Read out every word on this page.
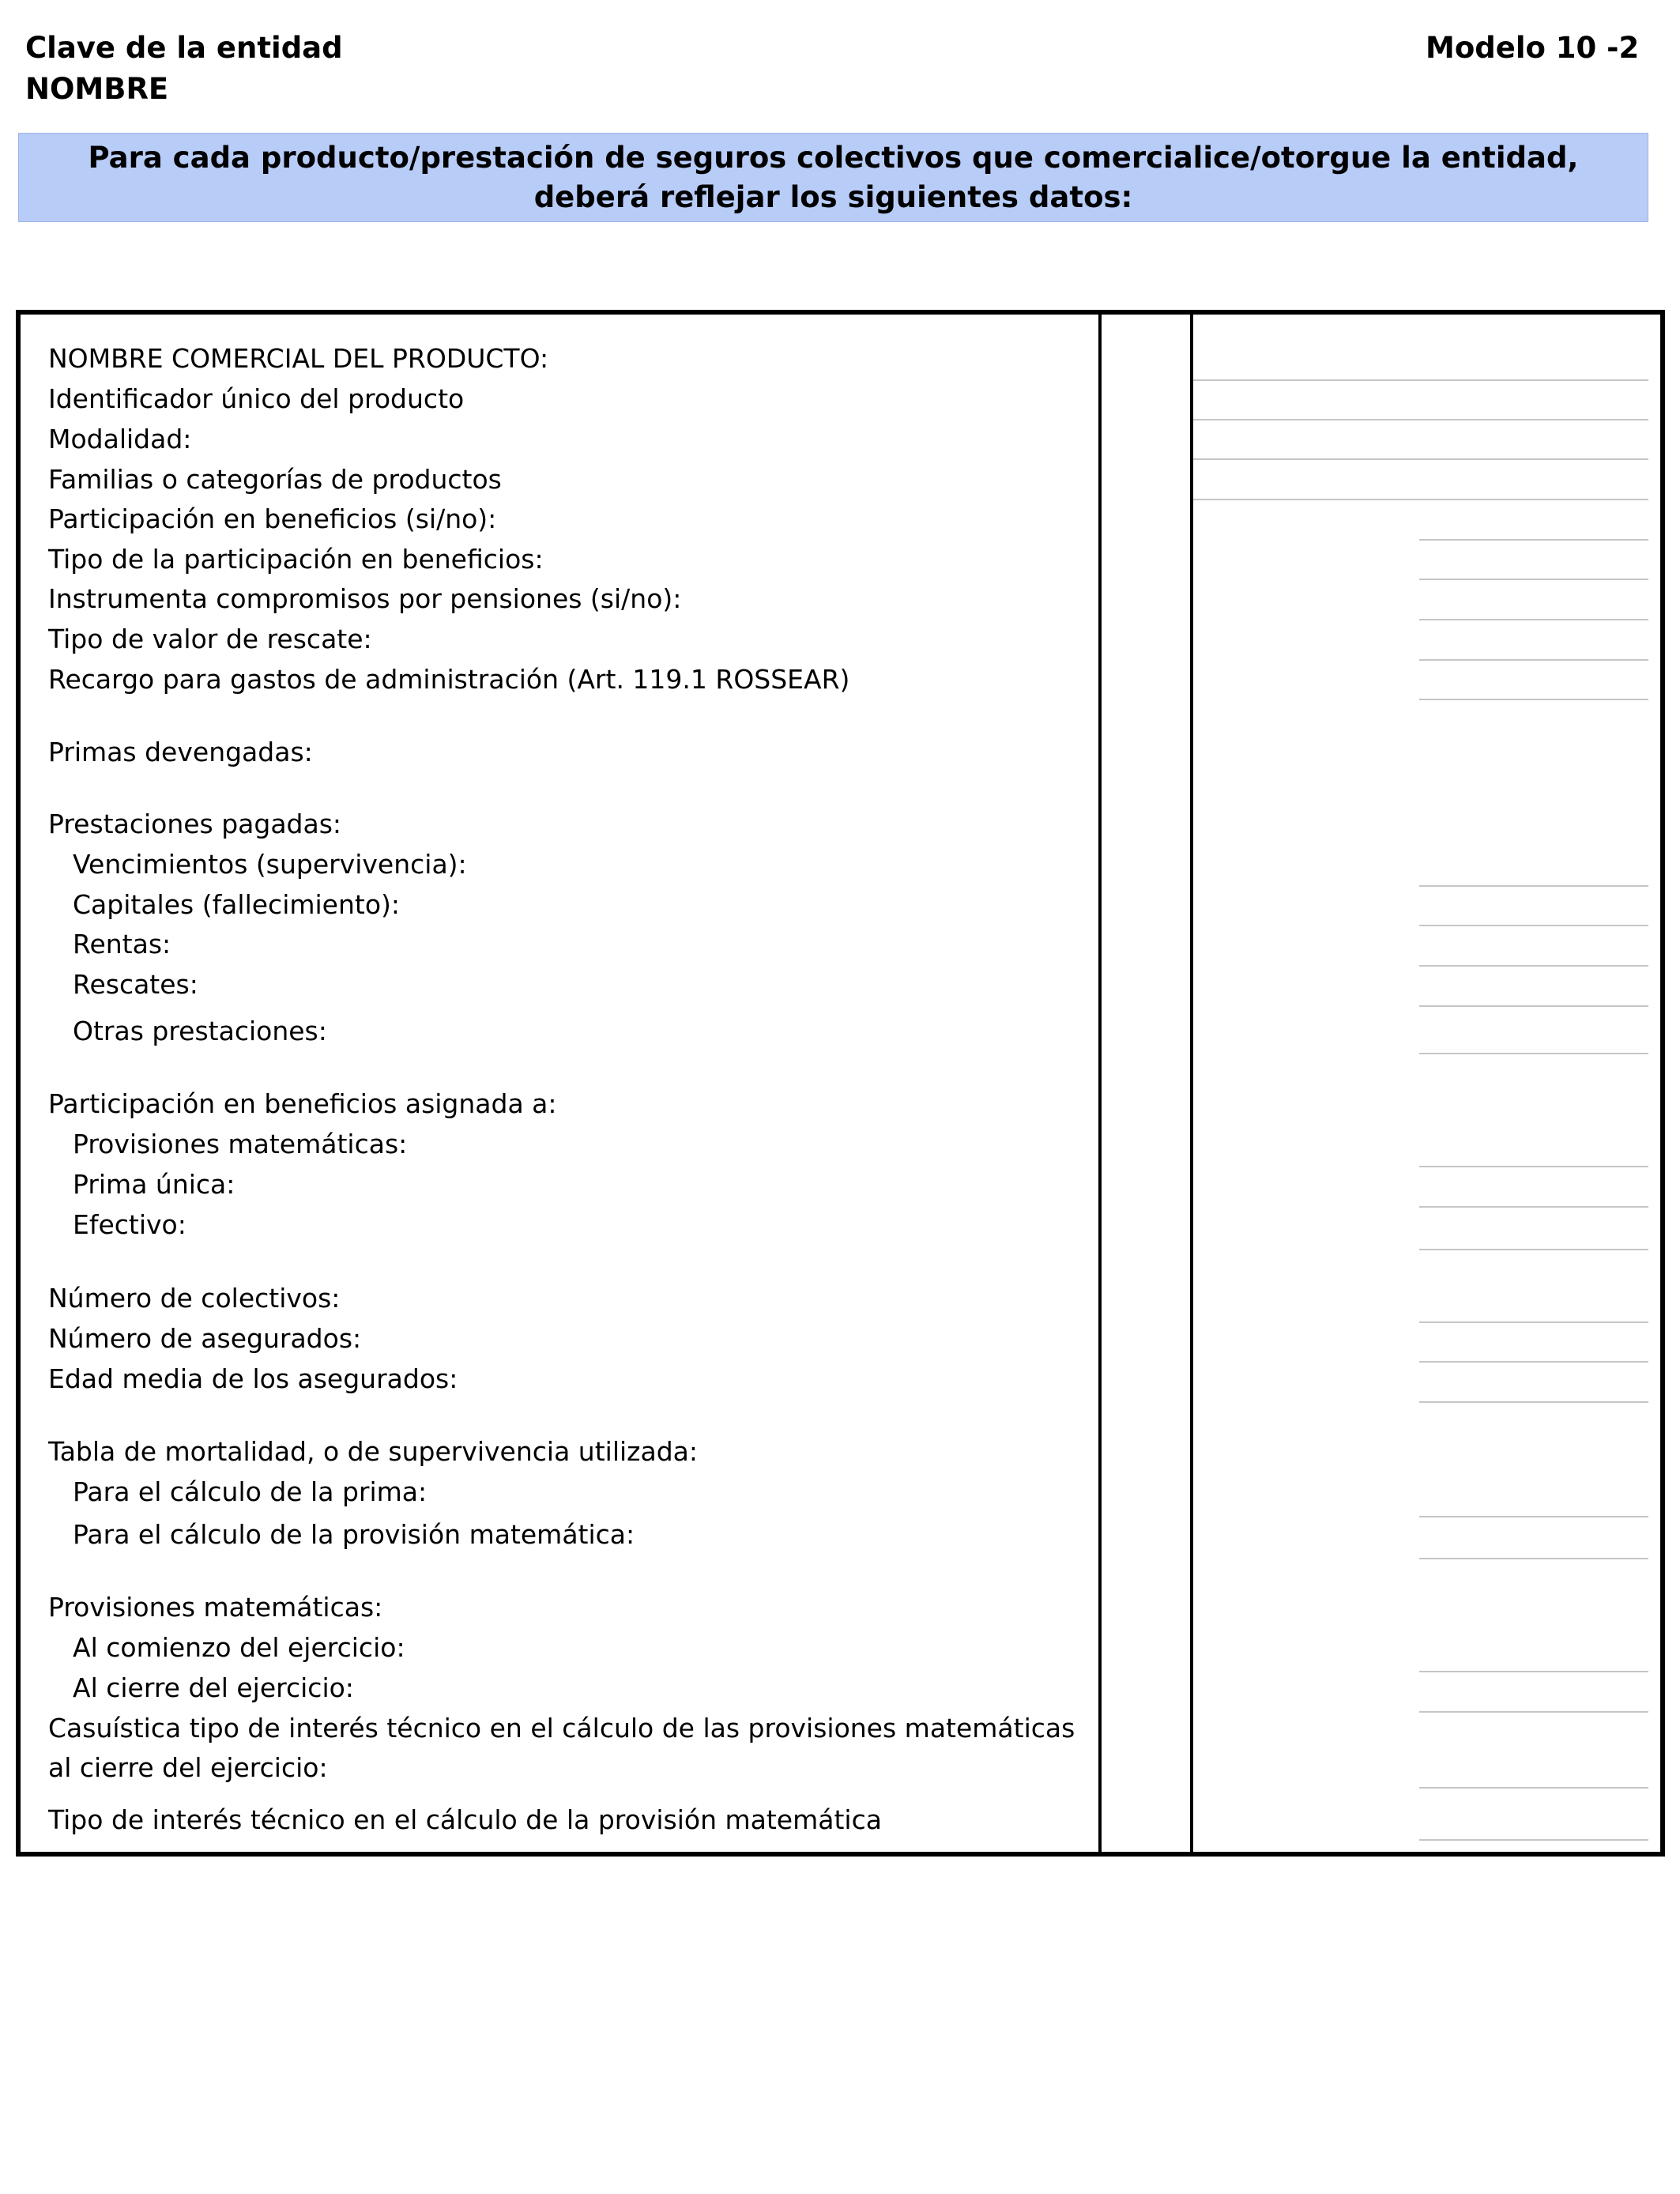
Clave de la entidad
NOMBRE
Modelo 10 -2
Para cada producto/prestación de seguros colectivos que comercialice/otorgue la entidad,
deberá reflejar los siguientes datos:
NOMBRE COMERCIAL DEL PRODUCTO:
Identificador único del producto
Modalidad:
Familias o categorías de productos
Participación en beneficios (si/no):
Tipo de la participación en beneficios:
Instrumenta compromisos por pensiones (si/no):
Tipo de valor de rescate:
Recargo para gastos de administración (Art. 119.1 ROSSEAR)
Primas devengadas:
Prestaciones pagadas:
Vencimientos (supervivencia):
Capitales (fallecimiento):
Rentas:
Rescates:
Otras prestaciones:
Participación en beneficios asignada a:
Provisiones matemáticas:
Prima única:
Efectivo:
Número de colectivos:
Número de asegurados:
Edad media de los asegurados:
Tabla de mortalidad, o de supervivencia utilizada:
Para el cálculo de la prima:
Para el cálculo de la provisión matemática:
Provisiones matemáticas:
Al comienzo del ejercicio:
Al cierre del ejercicio:
Casuística tipo de interés técnico en el cálculo de las provisiones matemáticas
al cierre del ejercicio:
Tipo de interés técnico en el cálculo de la provisión matemática
